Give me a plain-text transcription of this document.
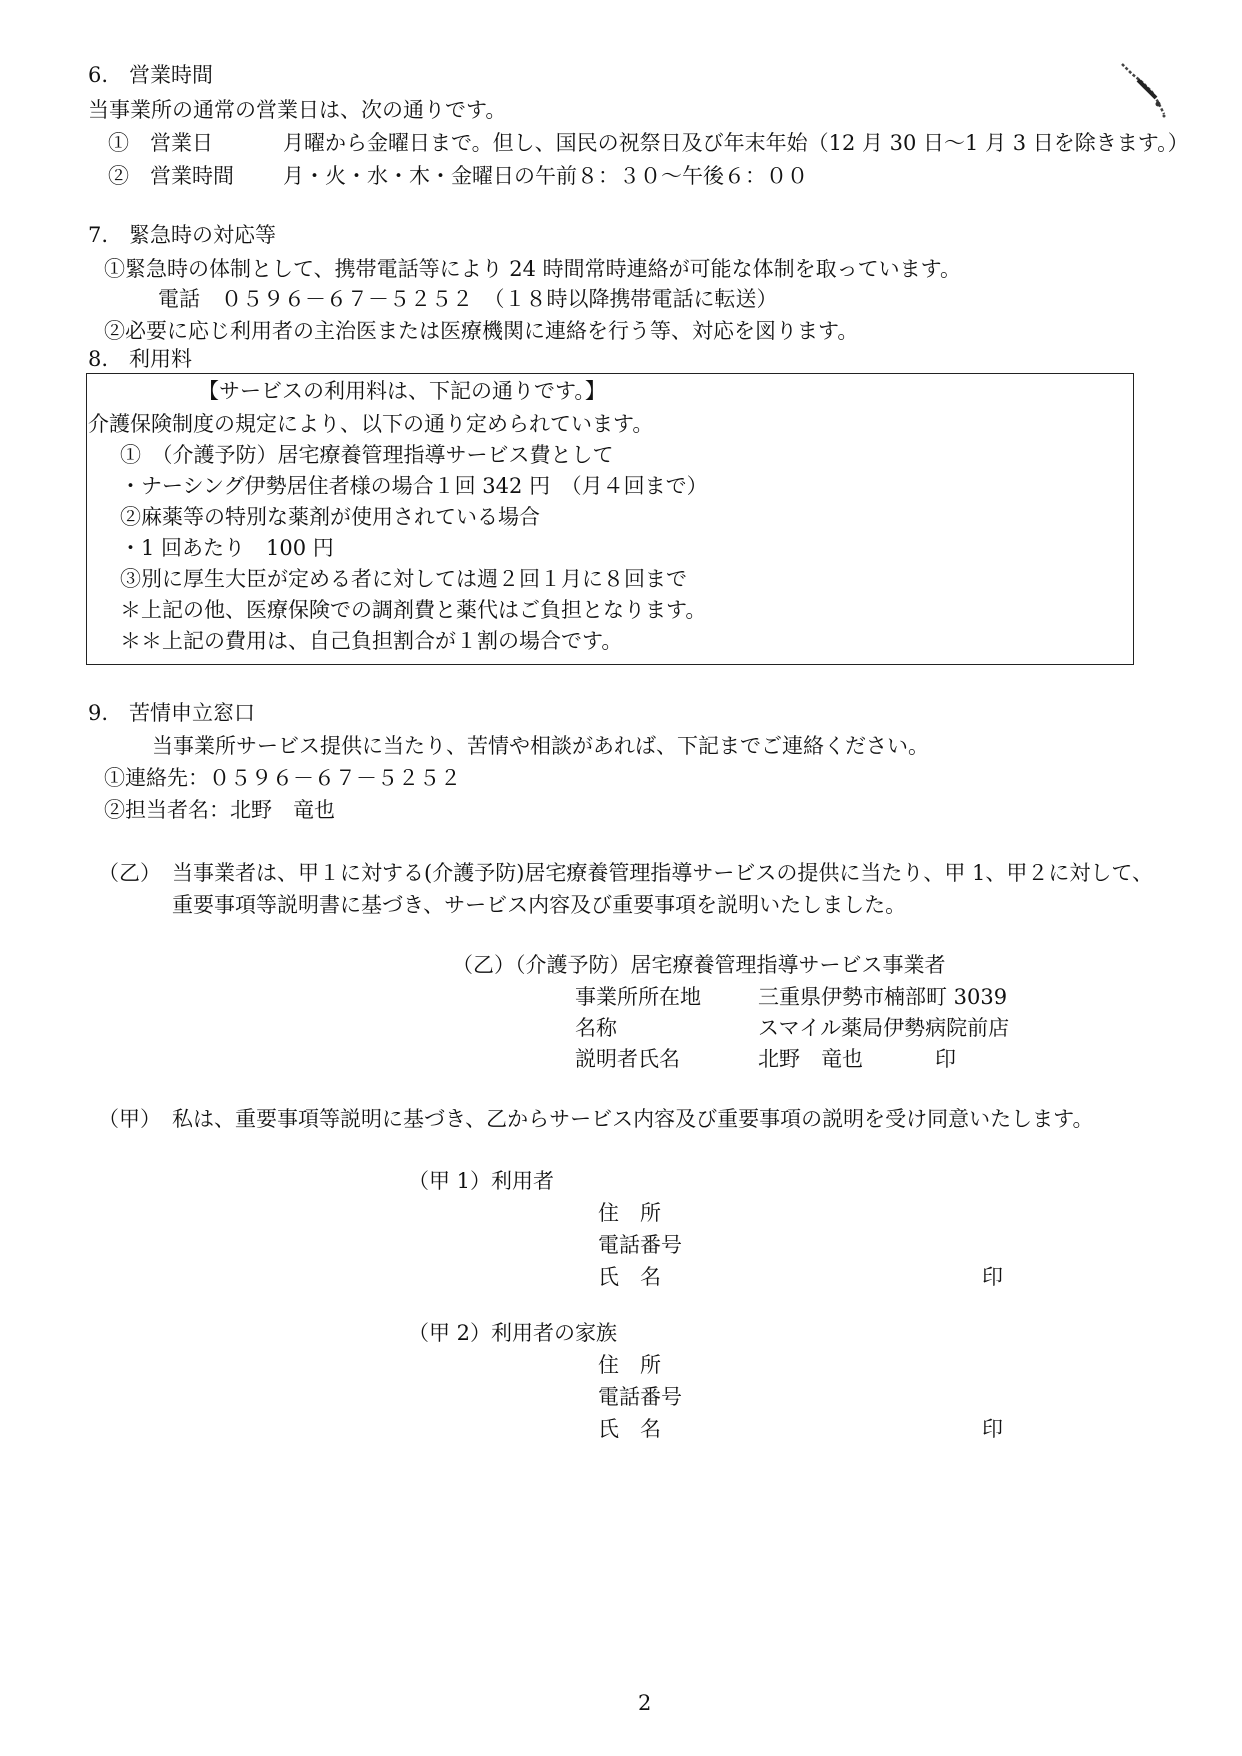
6.　営業時間
当事業所の通常の営業日は、次の通りです。
①　営業日	月曜から金曜日まで。但し、国民の祝祭日及び年末年始（12 月 30 日～1 月 3 日を除きます。）
②　営業時間 月・火・水・木・金曜日の午前８：３０～午後６：００
7.　緊急時の対応等
①緊急時の体制として、携帯電話等により 24 時間常時連絡が可能な体制を取っています。
電話　０５９６－６７－５２５２　（１８時以降携帯電話に転送）
②必要に応じ利用者の主治医または医療機関に連絡を行う等、対応を図ります。
8.　利用料
【サービスの利用料は、下記の通りです。】
介護保険制度の規定により、以下の通り定められています。
①　（介護予防）居宅療養管理指導サービス費として
・ナーシング伊勢居住者様の場合１回 342 円　（月４回まで）
②麻薬等の特別な薬剤が使用されている場合
・1 回あたり　100 円
③別に厚生大臣が定める者に対しては週２回１月に８回まで
＊上記の他、医療保険での調剤費と薬代はご負担となります。
＊＊上記の費用は、自己負担割合が１割の場合です。
9.　苦情申立窓口
当事業所サービス提供に当たり、苦情や相談があれば、下記までご連絡ください。
①連絡先：０５９６－６７－５２５２
②担当者名：北野　竜也
（乙） 当事業者は、甲１に対する(介護予防)居宅療養管理指導サービスの提供に当たり、甲 1、甲２に対して、
重要事項等説明書に基づき、サービス内容及び重要事項を説明いたしました。
（乙）（介護予防）居宅療養管理指導サービス事業者
事業所所在地	三重県伊勢市楠部町 3039
名称	スマイル薬局伊勢病院前店
説明者氏名	北野　竜也	印
（甲） 私は、重要事項等説明に基づき、乙からサービス内容及び重要事項の説明を受け同意いたします。
（甲 1）利用者
住　所
電話番号
氏　名	印
（甲 2）利用者の家族
住　所
電話番号
氏　名	印
2
